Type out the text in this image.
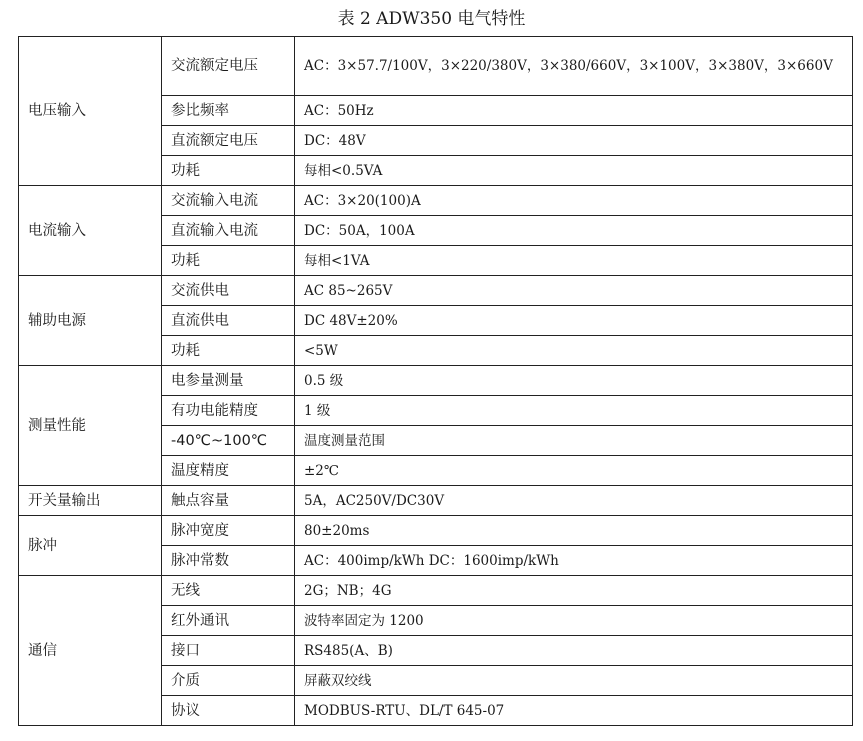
表 2 ADW350 电气特性
电压输入	交流额定电压	AC：3×57.7/100V，3×220/380V，3×380/660V，3×100V，3×380V，3×660V
	参比频率	AC：50Hz
	直流额定电压	DC：48V
	功耗	每相<0.5VA
电流输入	交流输入电流	AC：3×20(100)A
	直流输入电流	DC：50A，100A
	功耗	每相<1VA
辅助电源	交流供电	AC 85~265V
	直流供电	DC 48V±20%
	功耗	<5W
测量性能	电参量测量	0.5 级
	有功电能精度	1 级
	-40℃~100℃	温度测量范围
	温度精度	±2℃
开关量输出	触点容量	5A，AC250V/DC30V
脉冲	脉冲宽度	80±20ms
	脉冲常数	AC：400imp/kWh DC：1600imp/kWh
通信	无线	2G；NB；4G
	红外通讯	波特率固定为 1200
	接口	RS485(A、B)
	介质	屏蔽双绞线
	协议	MODBUS-RTU、DL/T 645-07
